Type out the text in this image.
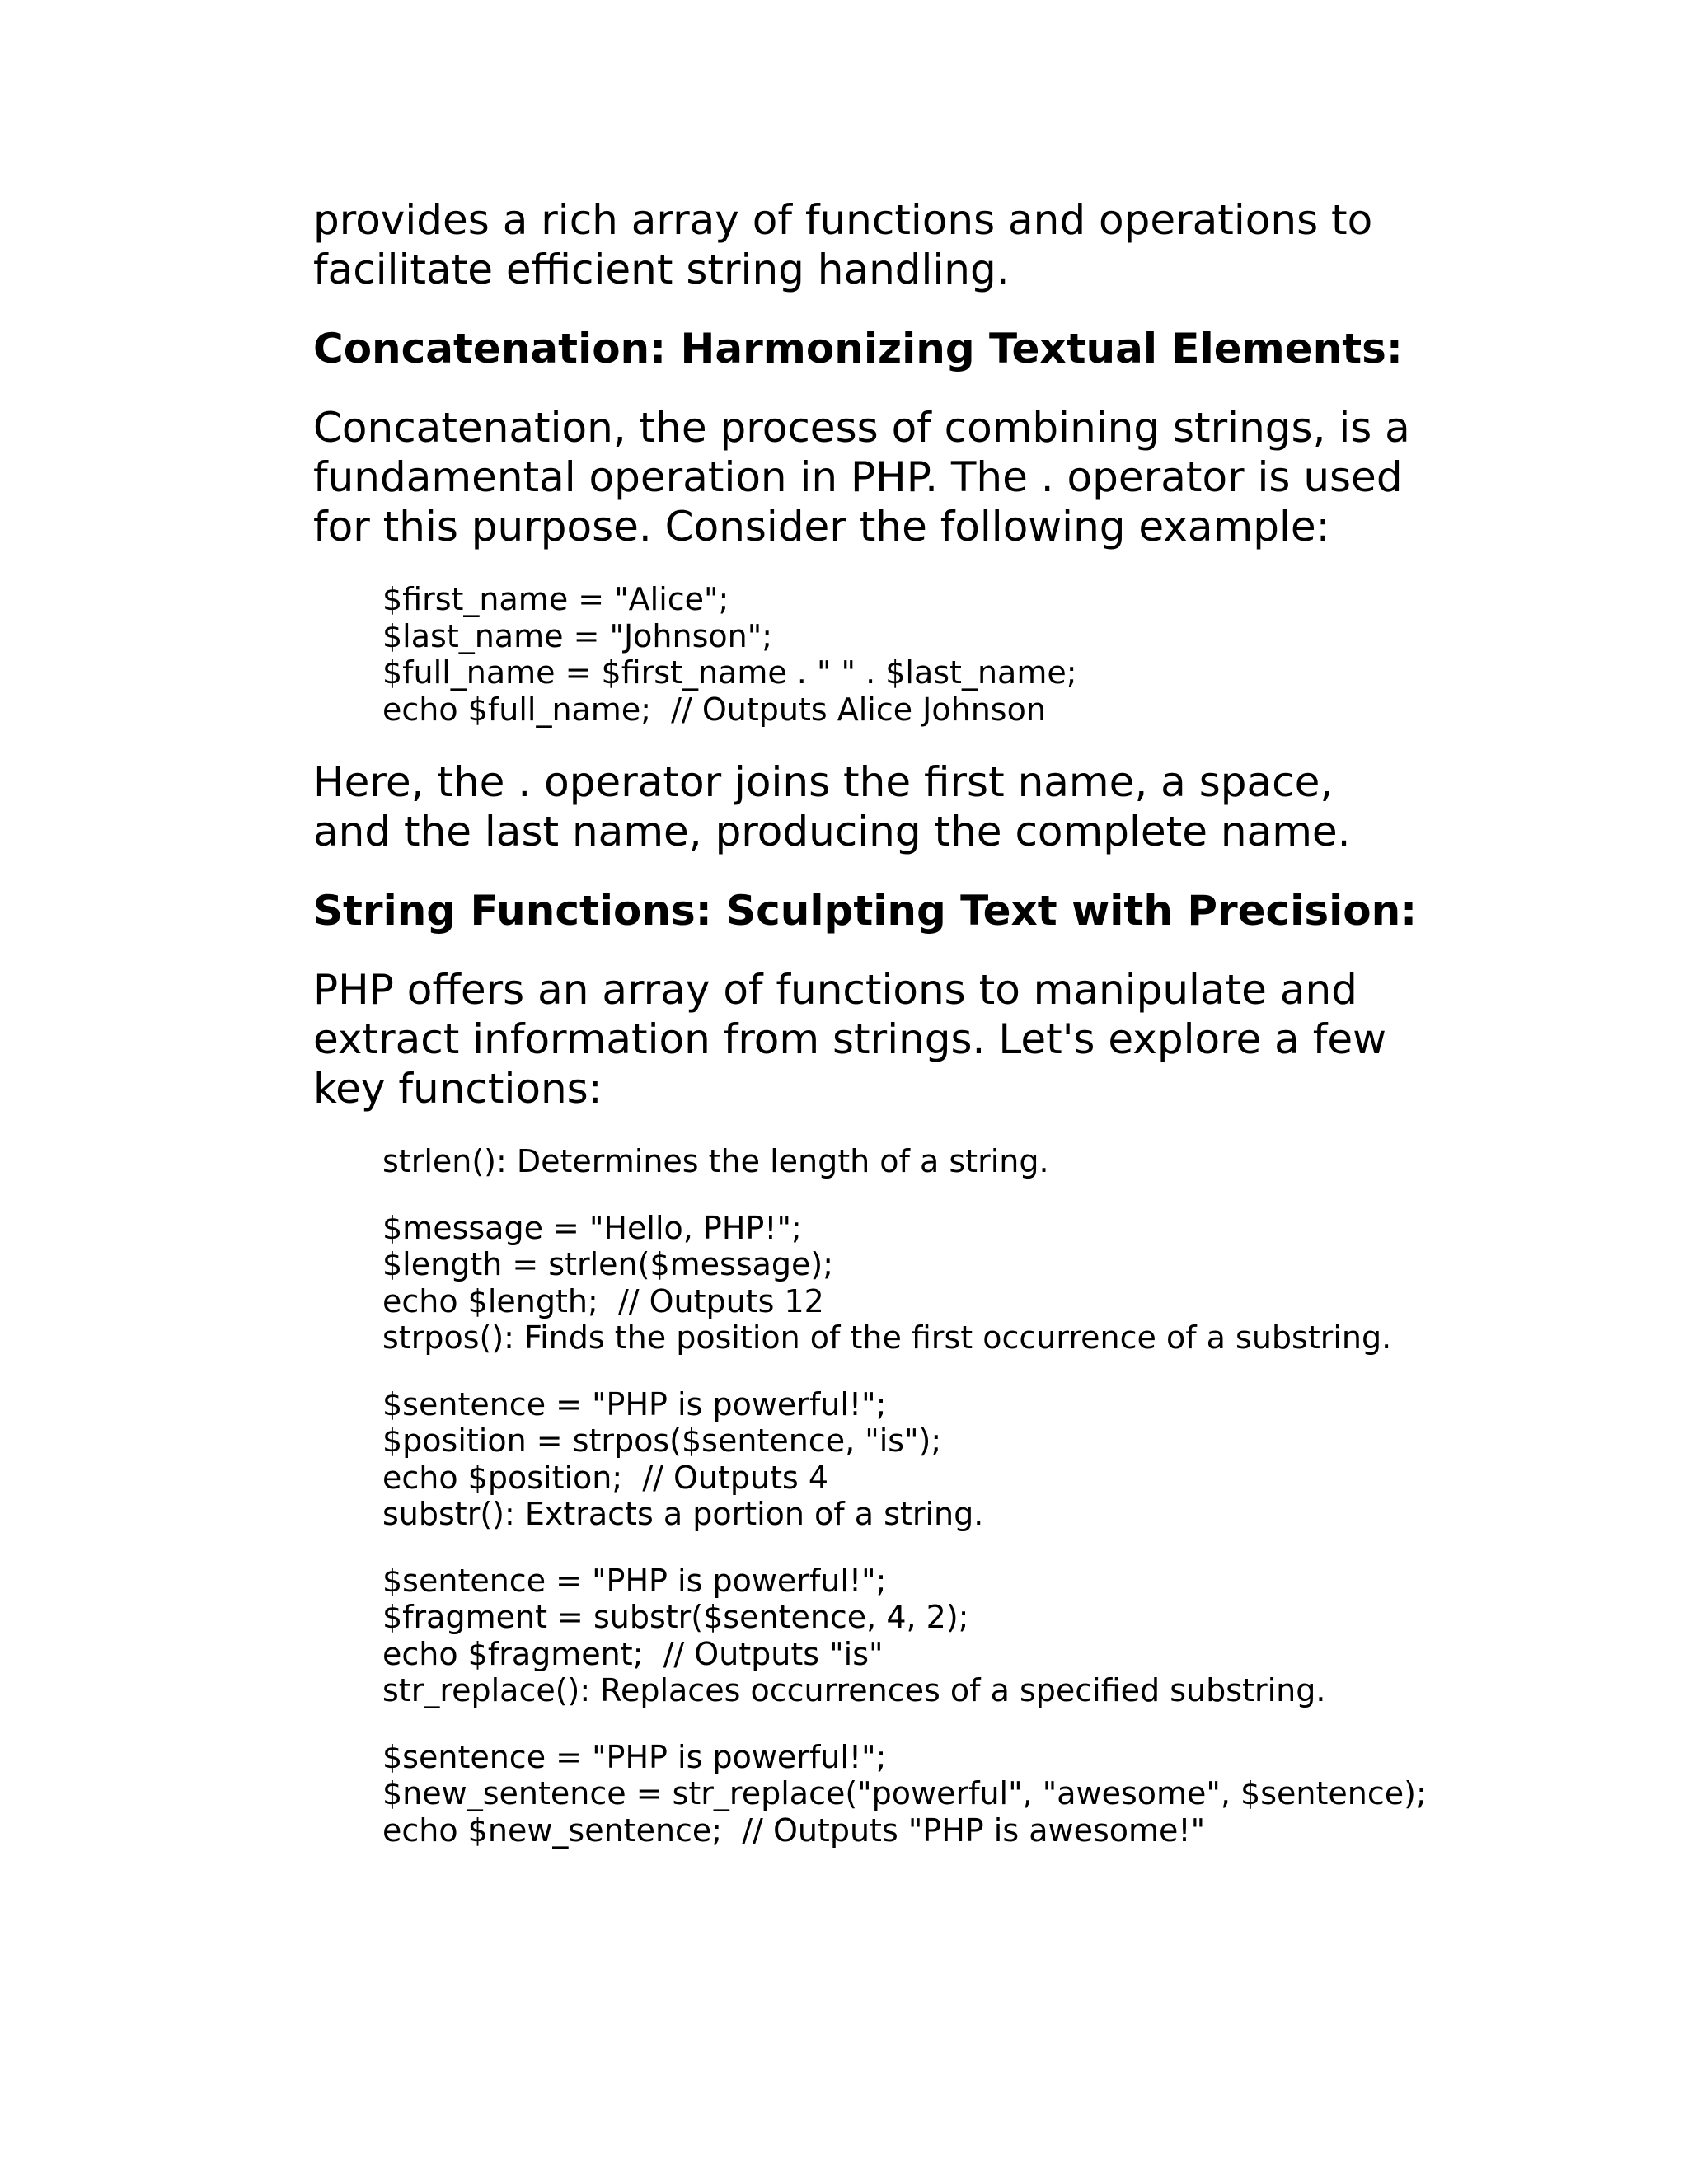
provides a rich array of functions and operations to facilitate efficient string handling.

Concatenation: Harmonizing Textual Elements:

Concatenation, the process of combining strings, is a fundamental operation in PHP. The . operator is used for this purpose. Consider the following example:

$first_name = "Alice";
$last_name = "Johnson";
$full_name = $first_name . " " . $last_name;
echo $full_name;  // Outputs Alice Johnson

Here, the . operator joins the first name, a space, and the last name, producing the complete name.

String Functions: Sculpting Text with Precision:

PHP offers an array of functions to manipulate and extract information from strings. Let's explore a few key functions:

strlen(): Determines the length of a string.
$message = "Hello, PHP!";
$length = strlen($message);
echo $length;  // Outputs 12
strpos(): Finds the position of the first occurrence of a substring.
$sentence = "PHP is powerful!";
$position = strpos($sentence, "is");
echo $position;  // Outputs 4
substr(): Extracts a portion of a string.
$sentence = "PHP is powerful!";
$fragment = substr($sentence, 4, 2);
echo $fragment;  // Outputs "is"
str_replace(): Replaces occurrences of a specified substring.
$sentence = "PHP is powerful!";
$new_sentence = str_replace("powerful", "awesome", $sentence);
echo $new_sentence;  // Outputs "PHP is awesome!"
